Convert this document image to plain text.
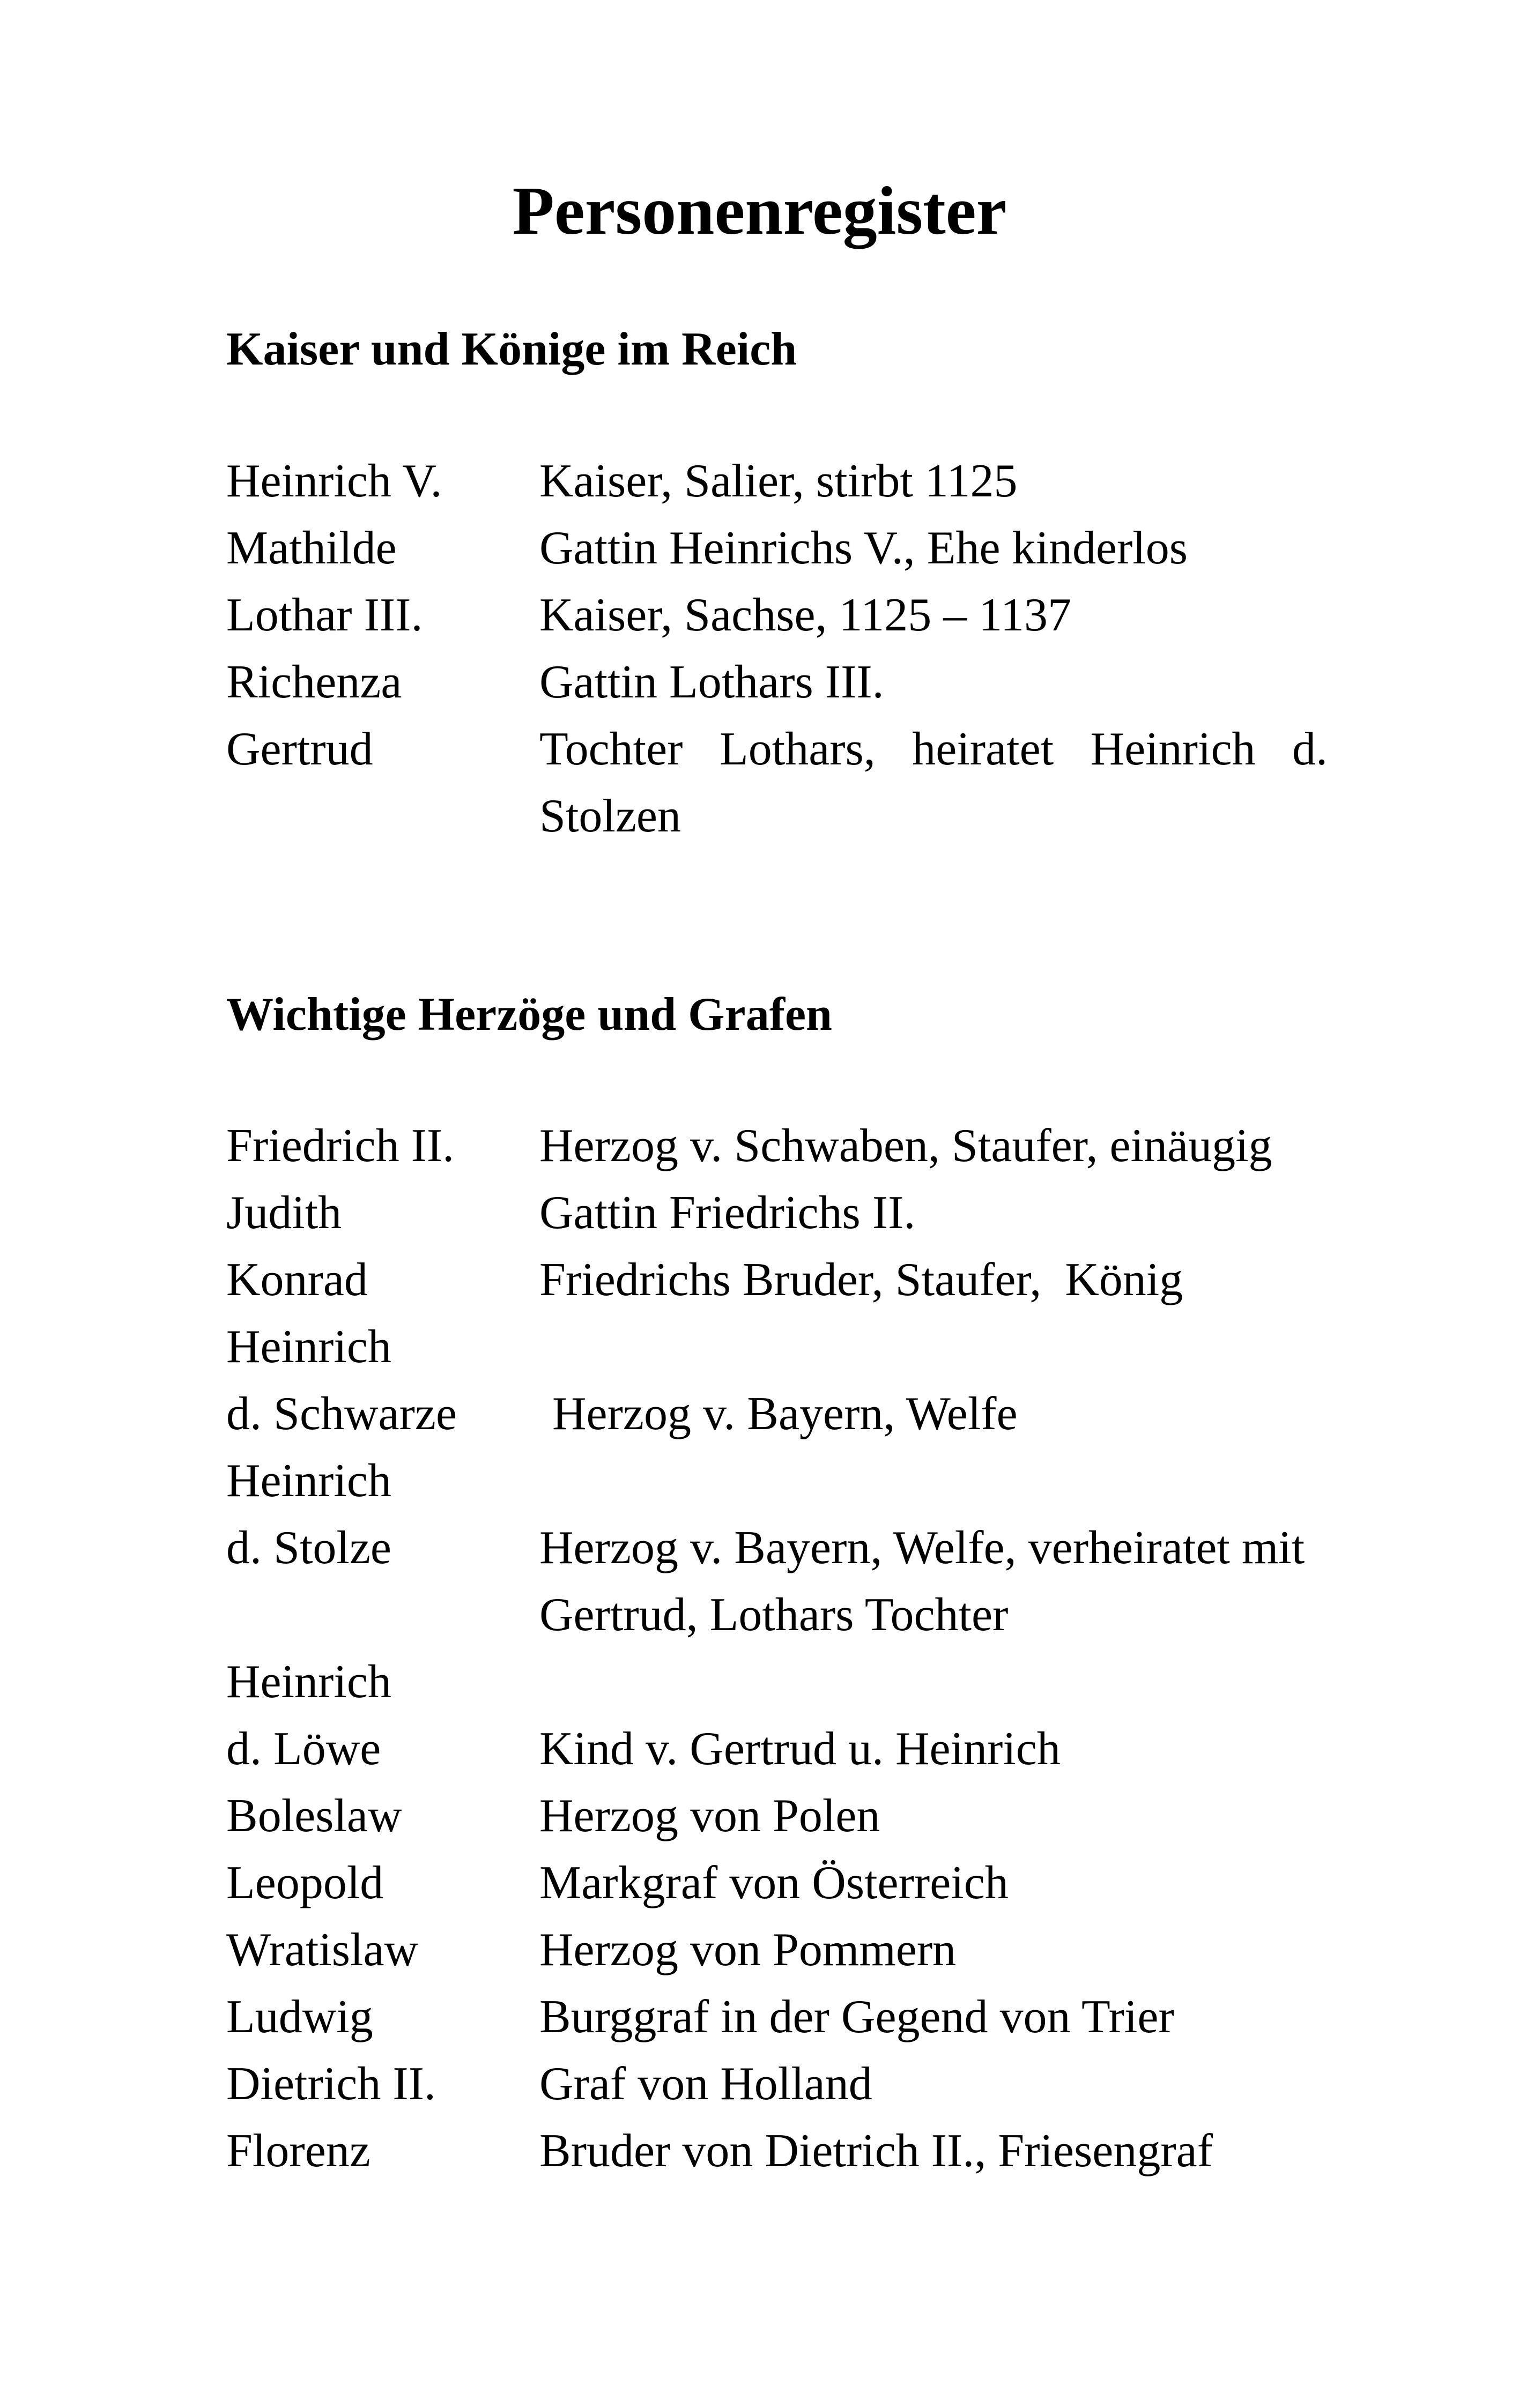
Personenregister
Kaiser und Könige im Reich
Heinrich V. Kaiser, Salier, stirbt 1125
Mathilde	Gattin Heinrichs V., Ehe kinderlos
Lothar III. Kaiser, Sachse, 1125 – 1137
Richenza	Gattin Lothars III.
Gertrud	Tochter Lothars, heiratet Heinrich d.
Stolzen
Wichtige Herzöge und Grafen
Friedrich II. Herzog v. Schwaben, Staufer, einäugig
Judith	Gattin Friedrichs II.
Konrad	Friedrichs Bruder, Staufer,  König
Heinrich
d. Schwarze Herzog v. Bayern, Welfe
Heinrich
d. Stolze	Herzog v. Bayern, Welfe, verheiratet mit
Gertrud, Lothars Tochter
Heinrich
d. Löwe	Kind v. Gertrud u. Heinrich
Boleslaw	Herzog von Polen
Leopold	Markgraf von Österreich
Wratislaw	Herzog von Pommern
Ludwig	Burggraf in der Gegend von Trier
Dietrich II. Graf von Holland
Florenz	Bruder von Dietrich II., Friesengraf
